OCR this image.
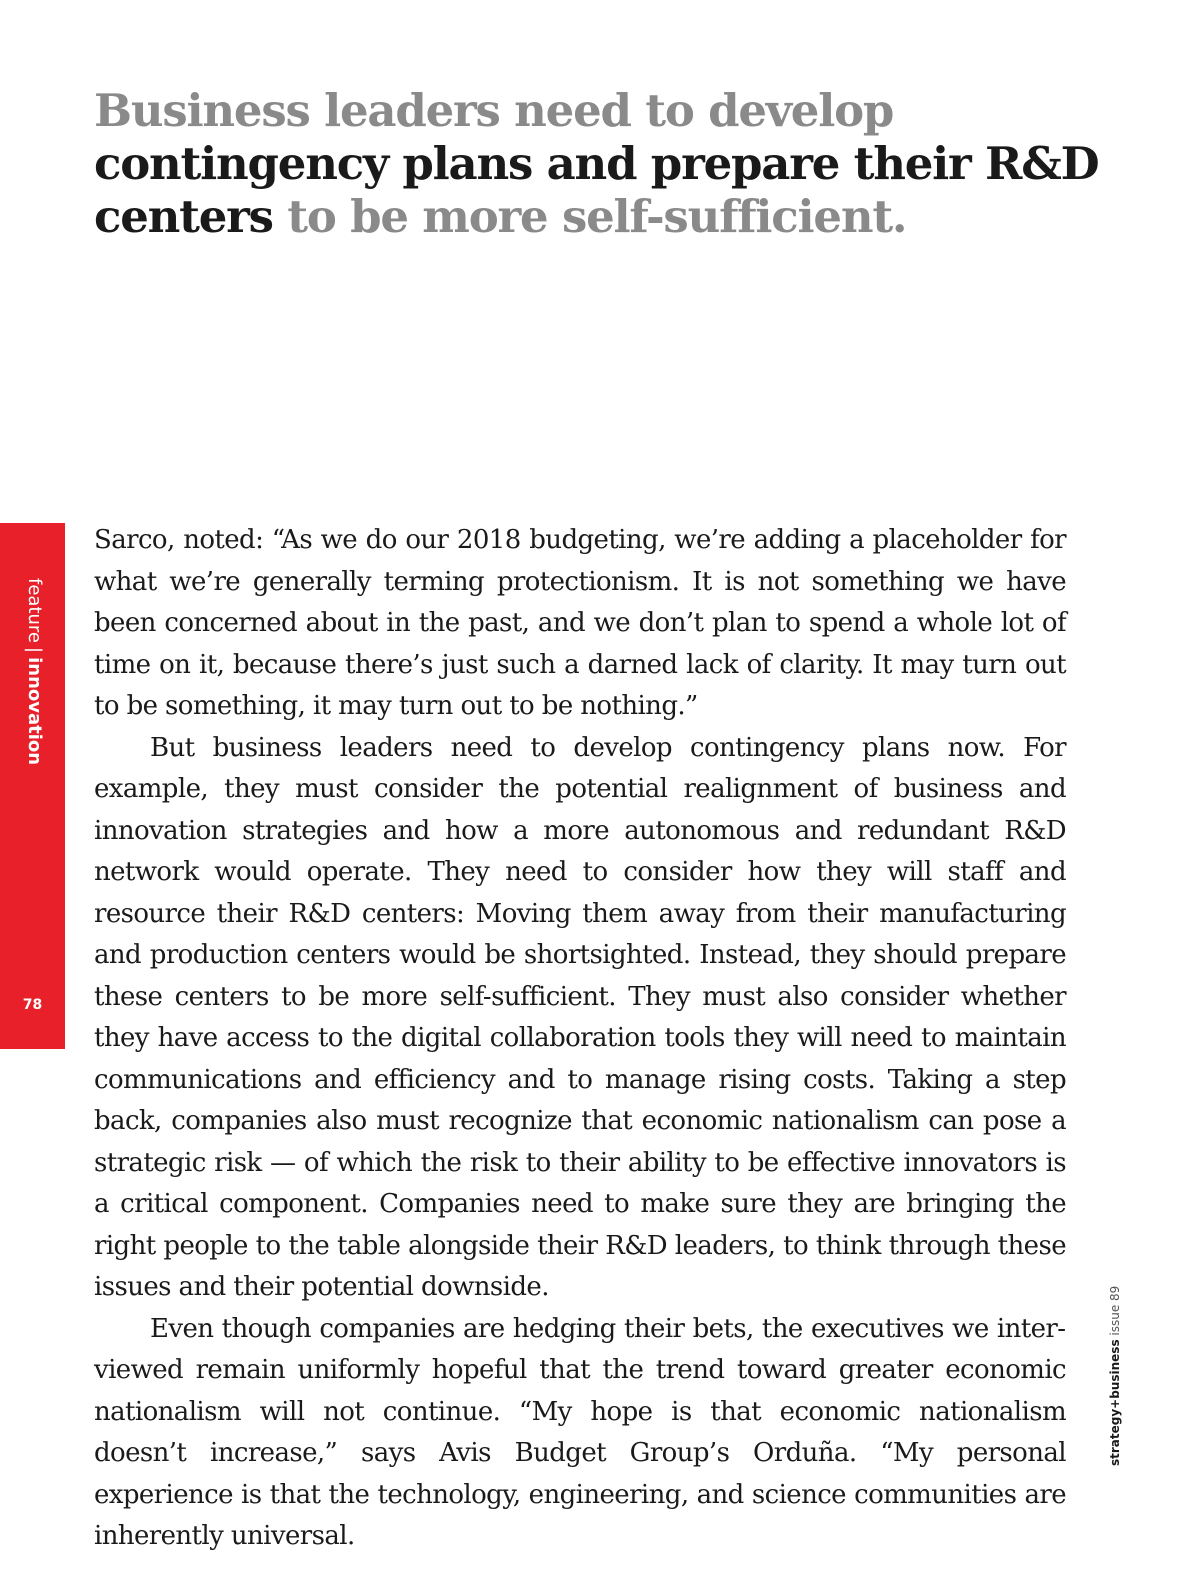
Business leaders need to develop
contingency plans and prepare their R&D
centers to be more self-sufficient.
feature|innovation
78

Sarco, noted: “As we do our 2018 budgeting, we’re adding a placeholder for what we’re generally terming protectionism. It is not something we have been concerned about in the past, and we don’t plan to spend a whole lot of time on it, because there’s just such a darned lack of clarity. It may turn out to be something, it may turn out to be nothing.”

But business leaders need to develop contingency plans now. For example, they must consider the potential realignment of business and innovation strategies and how a more autonomous and redundant R&D network would operate. They need to consider how they will staff and resource their R&D centers: Moving them away from their manufacturing and production centers would be shortsighted. Instead, they should prepare these centers to be more self-sufficient. They must also consider whether they have access to the digital collaboration tools they will need to maintain communications and efficiency and to manage rising costs. Taking a step back, companies also must recognize that economic nationalism can pose a strategic risk — of which the risk to their ability to be effective innovators is a critical component. Companies need to make sure they are bringing the right people to the table alongside their R&D leaders, to think through these issues and their potential downside.

Even though companies are hedging their bets, the executives we interviewed remain uniformly hopeful that the trend toward greater economic nationalism will not continue. “My hope is that economic nationalism doesn’t increase,” says Avis Budget Group’s Orduña. “My personal experience is that the technology, engineering, and science communities are inherently universal.

strategy+business issue 89
